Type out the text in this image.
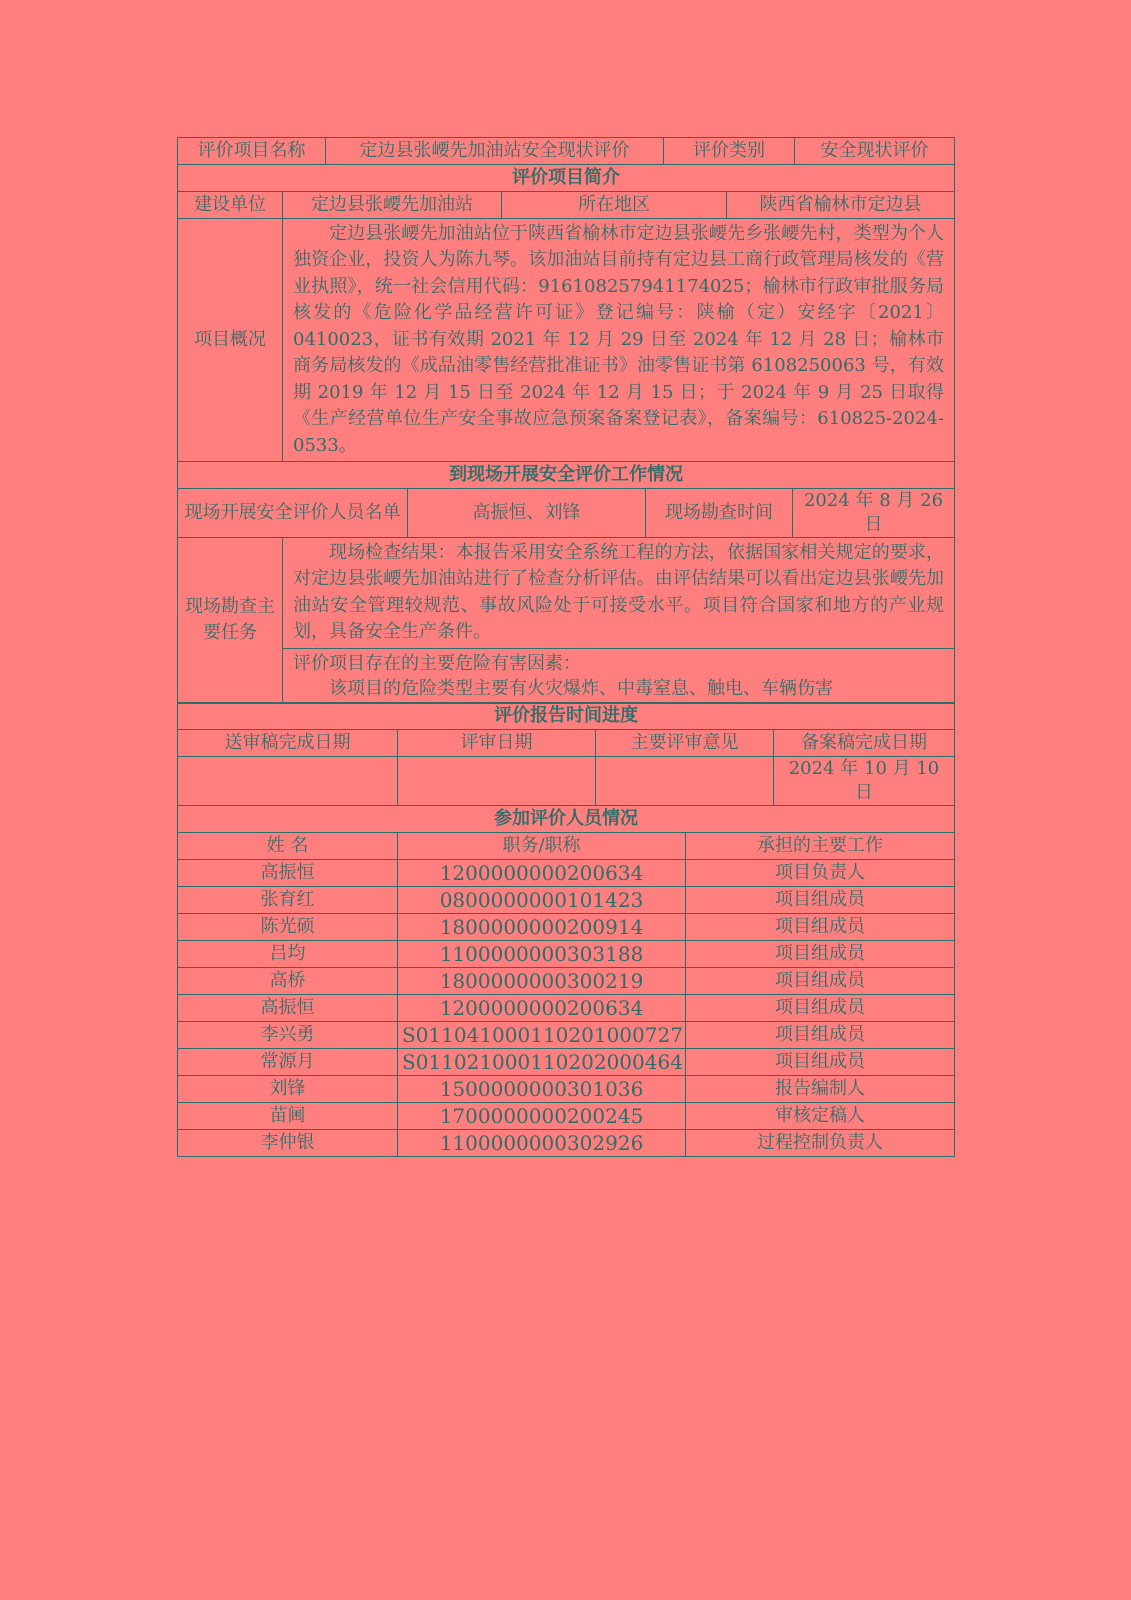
评价项目名称	定边县张崾先加油站安全现状评价	评价类别	安全现状评价
评价项目简介			
建设单位	定边县张崾先加油站	所在地区	陕西省榆林市定边县
项目概况	定边县张崾先加油站位于陕西省榆林市定边县张崾先乡张崾先村，类型为个人独资企业，投资人为陈九琴。该加油站目前持有定边县工商行政管理局核发的《营业执照》，统一社会信用代码：916108257941174025；榆林市行政审批服务局核发的《危险化学品经营许可证》登记编号：陕榆（定）安经字〔2021〕0410023，证书有效期 2021 年 12 月 29 日至 2024 年 12 月 28 日；榆林市商务局核发的《成品油零售经营批准证书》油零售证书第 6108250063 号，有效期 2019 年 12 月 15 日至 2024 年 12 月 15 日；于 2024 年 9 月 25 日取得《生产经营单位生产安全事故应急预案备案登记表》，备案编号：610825-2024-0533。		
到现场开展安全评价工作情况				
现场开展安全评价人员名单		高振恒、刘锋	现场勘查时间	2024 年 8 月 26 日
现场勘查主要任务	现场检查结果：本报告采用安全系统工程的方法，依据国家相关规定的要求，对定边县张崾先加油站进行了检查分析评估。由评估结果可以看出定边县张崾先加油站安全管理较规范、事故风险处于可接受水平。项目符合国家和地方的产业规划，具备安全生产条件。			

	评价项目存在的主要危险有害因素：
该项目的危险类型主要有火灾爆炸、中毒窒息、触电、车辆伤害			
评价报告时间进度			
送审稿完成日期	评审日期	主要评审意见	备案稿完成日期
			2024 年 10 月 10 日
参加评价人员情况		
姓 名	职务/职称	承担的主要工作
高振恒	1200000000200634	项目负责人
张育红	0800000000101423	项目组成员
陈光硕	1800000000200914	项目组成员
吕均	1100000000303188	项目组成员
高桥	1800000000300219	项目组成员
高振恒	1200000000200634	项目组成员
李兴勇	S011041000110201000727	项目组成员
常源月	S011021000110202000464	项目组成员
刘锋	1500000000301036	报告编制人
苗阃	1700000000200245	审核定稿人
李仲银	1100000000302926	过程控制负责人
